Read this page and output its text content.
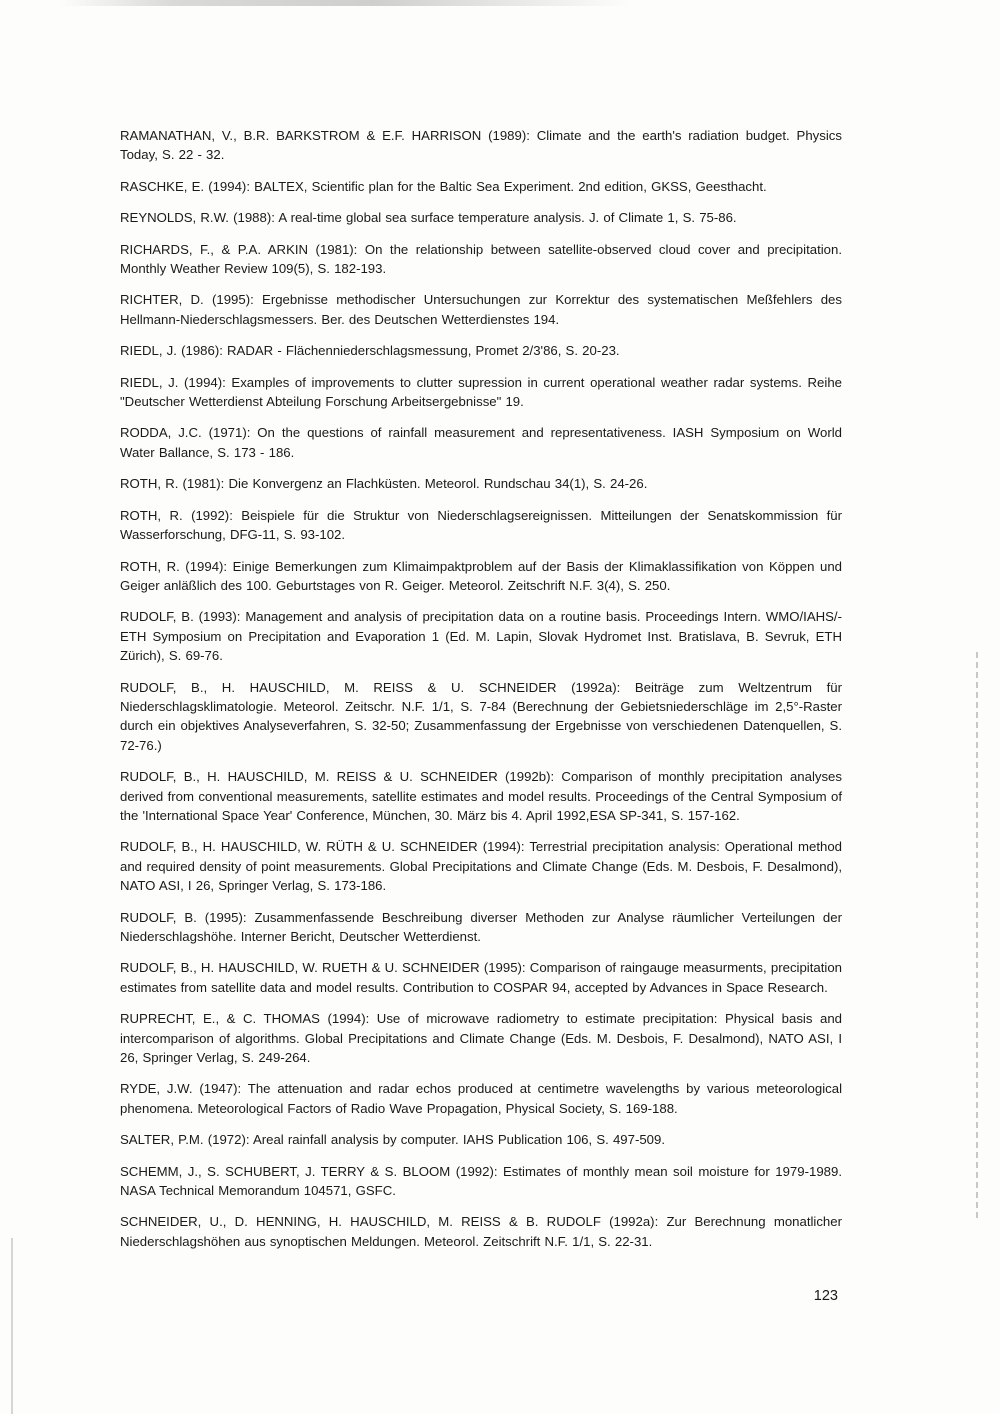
RAMANATHAN, V., B.R. BARKSTROM & E.F. HARRISON (1989): Climate and the earth's radiation budget. Physics Today, S. 22 - 32.

RASCHKE, E. (1994): BALTEX, Scientific plan for the Baltic Sea Experiment. 2nd edition, GKSS, Geesthacht.

REYNOLDS, R.W. (1988): A real-time global sea surface temperature analysis. J. of Climate 1, S. 75-86.

RICHARDS, F., & P.A. ARKIN (1981): On the relationship between satellite-observed cloud cover and precipitation. Monthly Weather Review 109(5), S. 182-193.

RICHTER, D. (1995): Ergebnisse methodischer Untersuchungen zur Korrektur des systematischen Meßfehlers des Hellmann-Niederschlagsmessers. Ber. des Deutschen Wetterdienstes 194.

RIEDL, J. (1986): RADAR - Flächenniederschlagsmessung, Promet 2/3'86, S. 20-23.

RIEDL, J. (1994): Examples of improvements to clutter supression in current operational weather radar systems. Reihe "Deutscher Wetterdienst Abteilung Forschung Arbeitsergebnisse" 19.

RODDA, J.C. (1971): On the questions of rainfall measurement and representativeness. IASH Symposium on World Water Ballance, S. 173 - 186.

ROTH, R. (1981): Die Konvergenz an Flachküsten. Meteorol. Rundschau 34(1), S. 24-26.

ROTH, R. (1992): Beispiele für die Struktur von Niederschlagsereignissen. Mitteilungen der Senatskommission für Wasserforschung, DFG-11, S. 93-102.

ROTH, R. (1994): Einige Bemerkungen zum Klimaimpaktproblem auf der Basis der Klimaklassifikation von Köppen und Geiger anläßlich des 100. Geburtstages von R. Geiger. Meteorol. Zeitschrift N.F. 3(4), S. 250.

RUDOLF, B. (1993): Management and analysis of precipitation data on a routine basis. Proceedings Intern. WMO/IAHS/-ETH Symposium on Precipitation and Evaporation 1 (Ed. M. Lapin, Slovak Hydromet Inst. Bratislava, B. Sevruk, ETH Zürich), S. 69-76.

RUDOLF, B., H. HAUSCHILD, M. REISS & U. SCHNEIDER (1992a): Beiträge zum Weltzentrum für Niederschlagsklimatologie. Meteorol. Zeitschr. N.F. 1/1, S. 7-84 (Berechnung der Gebietsniederschläge im 2,5°-Raster durch ein objektives Analyseverfahren, S. 32-50; Zusammenfassung der Ergebnisse von verschiedenen Datenquellen, S. 72-76.)

RUDOLF, B., H. HAUSCHILD, M. REISS & U. SCHNEIDER (1992b): Comparison of monthly precipitation analyses derived from conventional measurements, satellite estimates and model results. Proceedings of the Central Symposium of the 'International Space Year' Conference, München, 30. März bis 4. April 1992,ESA SP-341, S. 157-162.

RUDOLF, B., H. HAUSCHILD, W. RÜTH & U. SCHNEIDER (1994): Terrestrial precipitation analysis: Operational method and required density of point measurements. Global Precipitations and Climate Change (Eds. M. Desbois, F. Desalmond), NATO ASI, I 26, Springer Verlag, S. 173-186.

RUDOLF, B. (1995): Zusammenfassende Beschreibung diverser Methoden zur Analyse räumlicher Verteilungen der Niederschlagshöhe. Interner Bericht, Deutscher Wetterdienst.

RUDOLF, B., H. HAUSCHILD, W. RUETH & U. SCHNEIDER (1995): Comparison of raingauge measurments, precipitation estimates from satellite data and model results. Contribution to COSPAR 94, accepted by Advances in Space Research.

RUPRECHT, E., & C. THOMAS (1994): Use of microwave radiometry to estimate precipitation: Physical basis and intercomparison of algorithms. Global Precipitations and Climate Change (Eds. M. Desbois, F. Desalmond), NATO ASI, I 26, Springer Verlag, S. 249-264.

RYDE, J.W. (1947): The attenuation and radar echos produced at centimetre wavelengths by various meteorological phenomena. Meteorological Factors of Radio Wave Propagation, Physical Society, S. 169-188.

SALTER, P.M. (1972): Areal rainfall analysis by computer. IAHS Publication 106, S. 497-509.

SCHEMM, J., S. SCHUBERT, J. TERRY & S. BLOOM (1992): Estimates of monthly mean soil moisture for 1979-1989. NASA Technical Memorandum 104571, GSFC.

SCHNEIDER, U., D. HENNING, H. HAUSCHILD, M. REISS & B. RUDOLF (1992a): Zur Berechnung monatlicher Niederschlagshöhen aus synoptischen Meldungen. Meteorol. Zeitschrift N.F. 1/1, S. 22-31.

123
